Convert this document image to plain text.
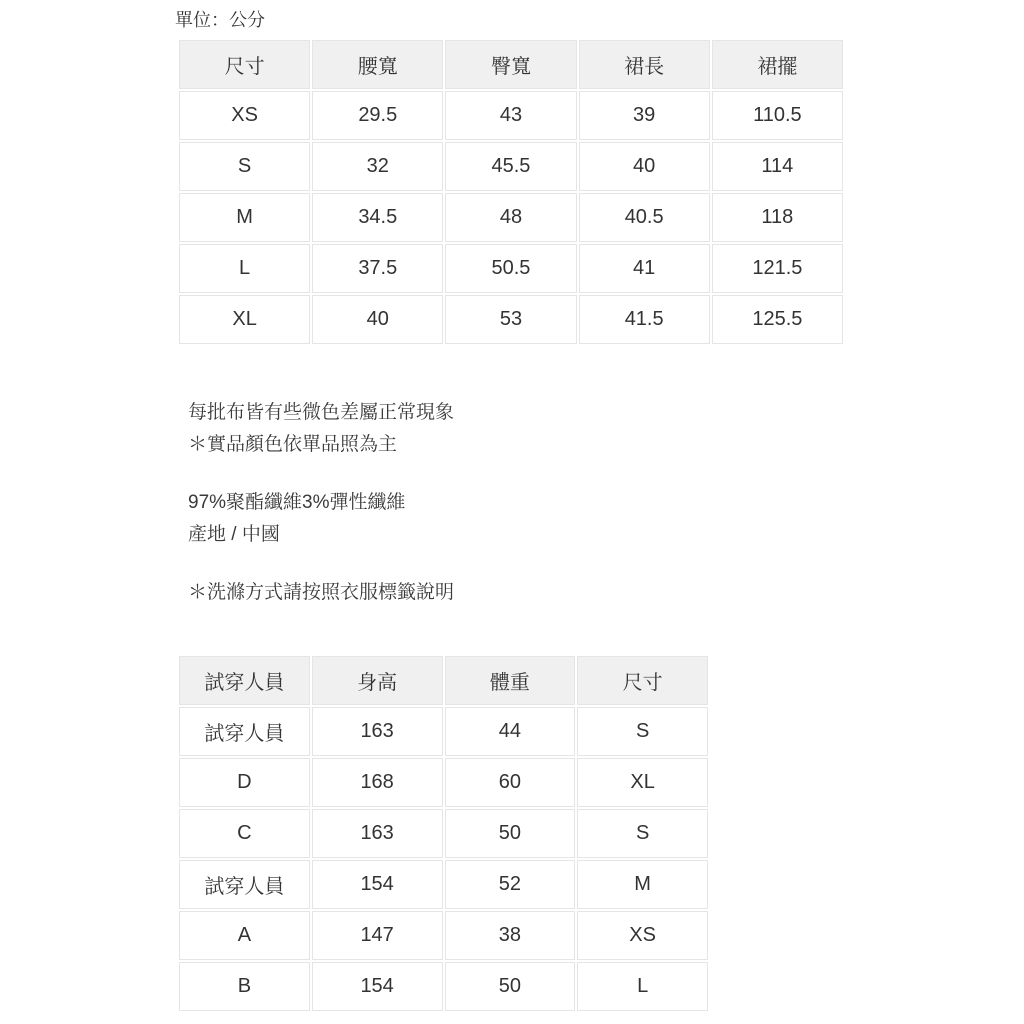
單位：公分
尺寸	腰寬	臀寬	裙長	裙擺
XS	29.5	43	39	110.5
S	32	45.5	40	114
M	34.5	48	40.5	118
L	37.5	50.5	41	121.5
XL	40	53	41.5	125.5
每批布皆有些微色差屬正常現象
＊實品顏色依單品照為主
97%聚酯纖維3%彈性纖維
產地 / 中國
＊洗滌方式請按照衣服標籤說明
試穿人員	身高	體重	尺寸
試穿人員	163	44	S
D	168	60	XL
C	163	50	S
試穿人員	154	52	M
A	147	38	XS
B	154	50	L
